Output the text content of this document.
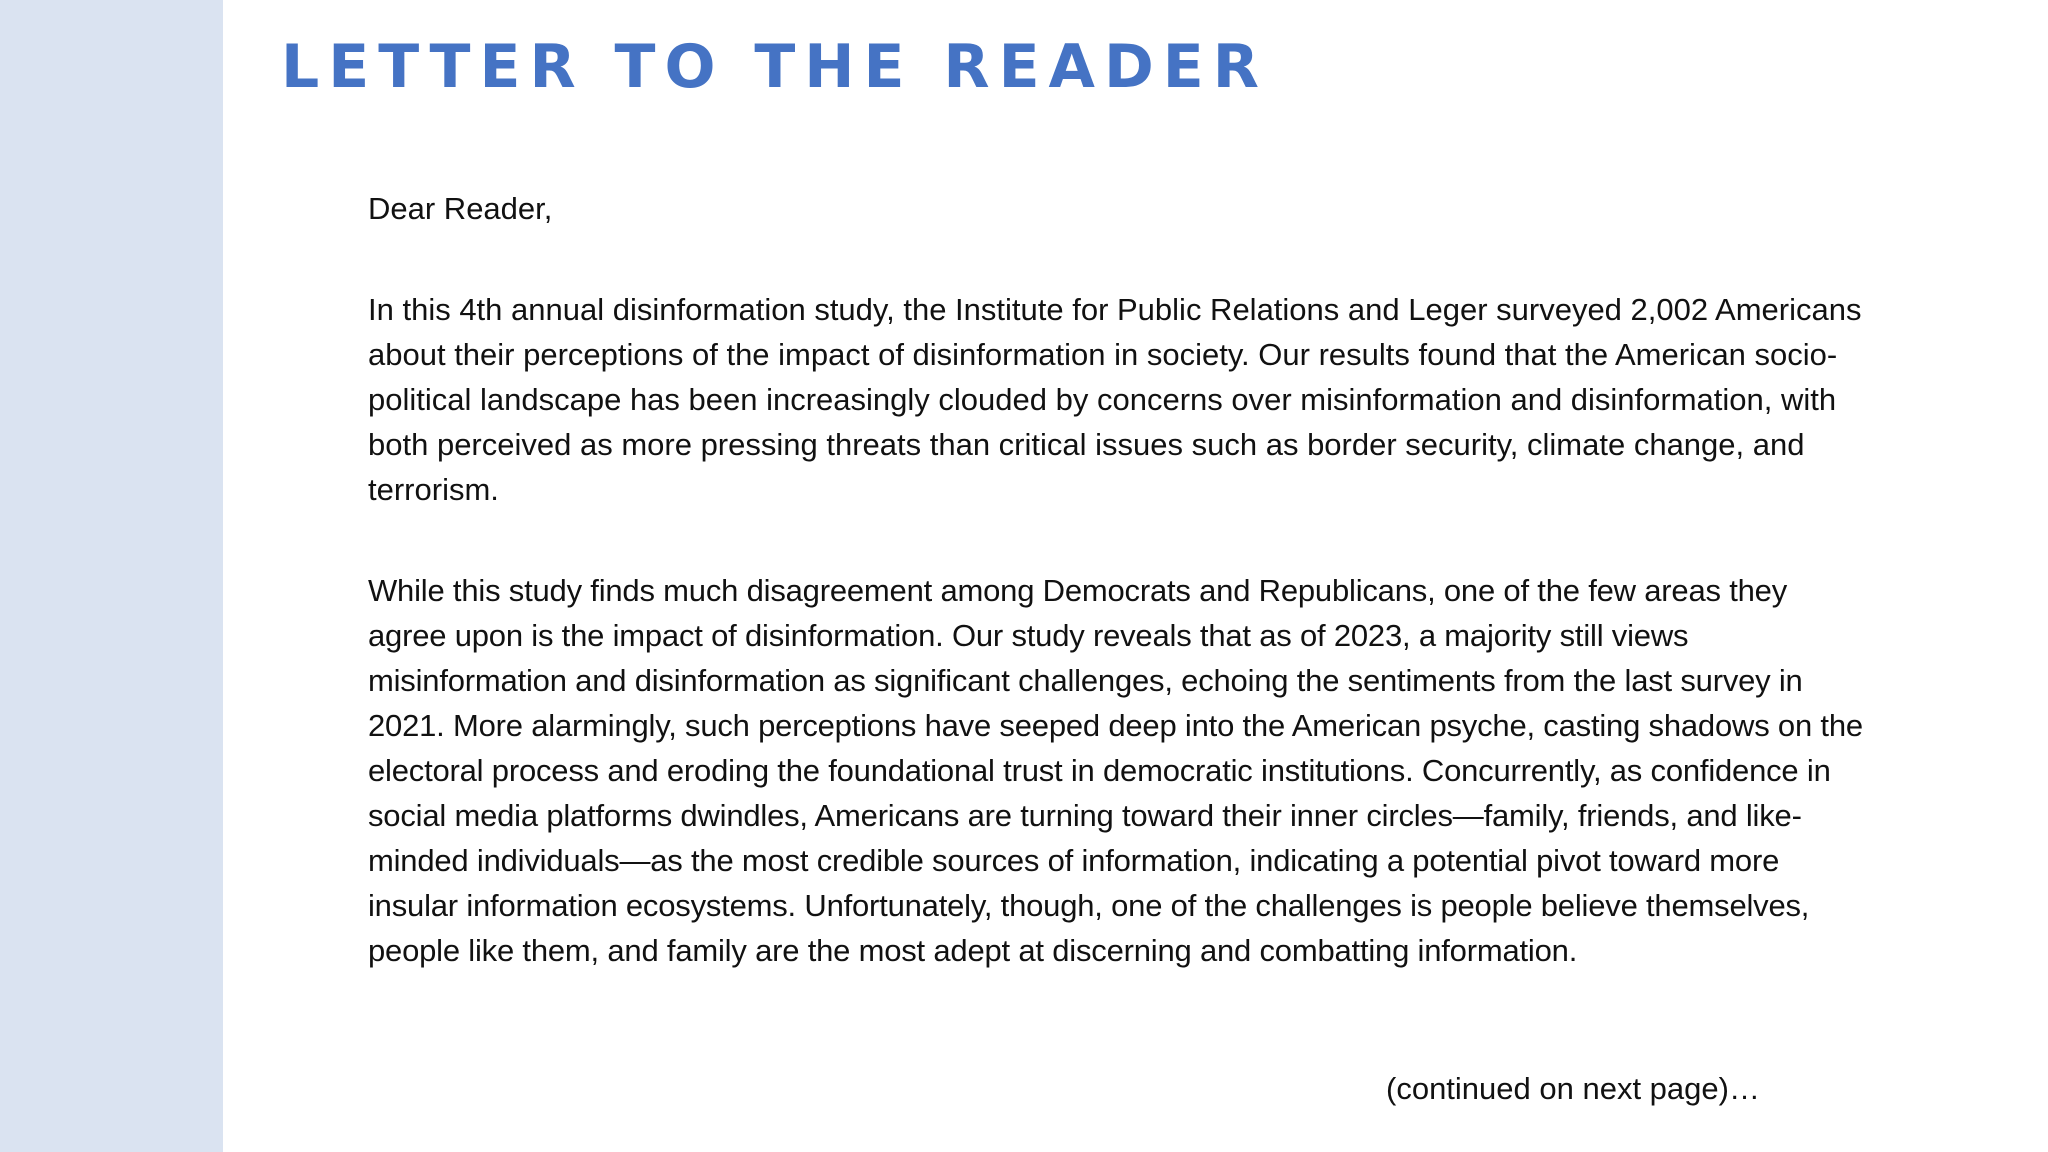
LETTER TO THE READER

Dear Reader,

In this 4th annual disinformation study, the Institute for Public Relations and Leger surveyed 2,002 Americans about their perceptions of the impact of disinformation in society. Our results found that the American socio-political landscape has been increasingly clouded by concerns over misinformation and disinformation, with both perceived as more pressing threats than critical issues such as border security, climate change, and terrorism.

While this study finds much disagreement among Democrats and Republicans, one of the few areas they agree upon is the impact of disinformation. Our study reveals that as of 2023, a majority still views misinformation and disinformation as significant challenges, echoing the sentiments from the last survey in 2021. More alarmingly, such perceptions have seeped deep into the American psyche, casting shadows on the electoral process and eroding the foundational trust in democratic institutions. Concurrently, as confidence in social media platforms dwindles, Americans are turning toward their inner circles—family, friends, and like-minded individuals—as the most credible sources of information, indicating a potential pivot toward more insular information ecosystems. Unfortunately, though, one of the challenges is people believe themselves, people like them, and family are the most adept at discerning and combatting information.

(continued on next page)…
